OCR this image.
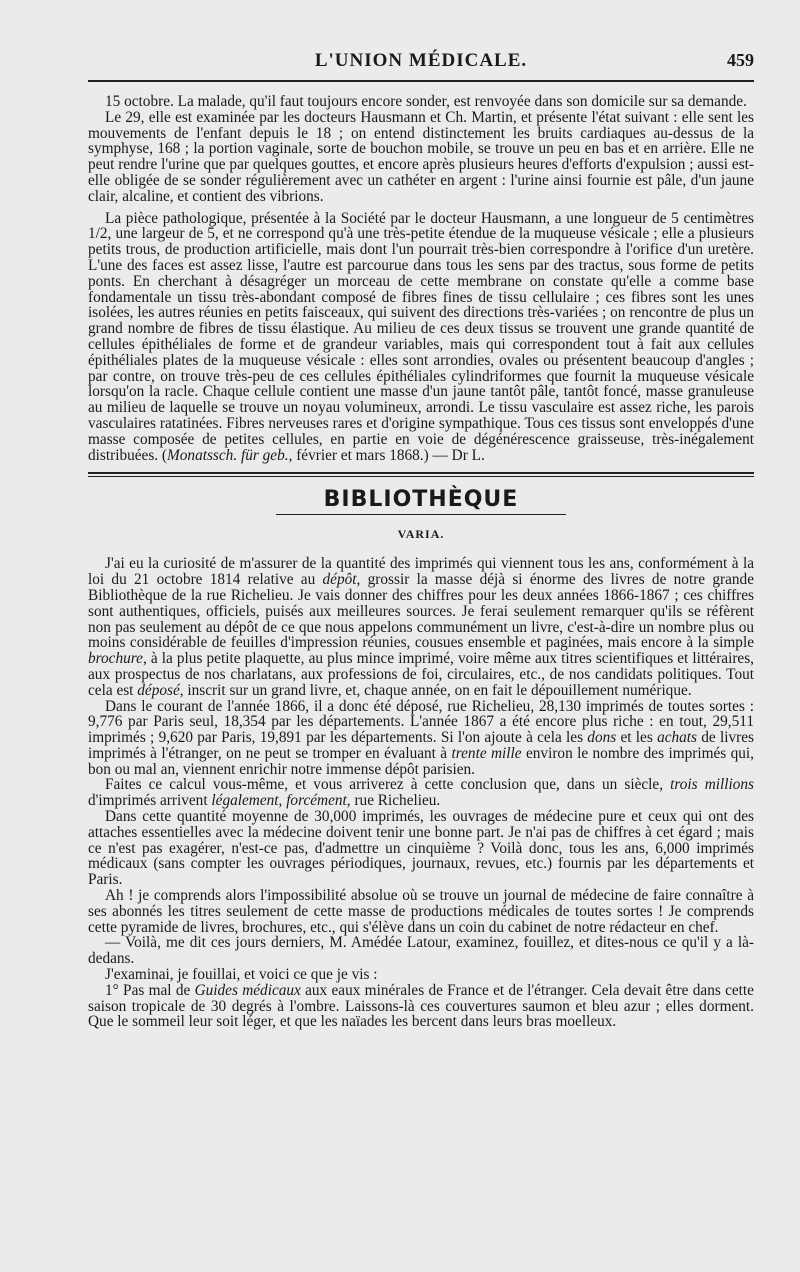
L'UNION MÉDICALE.	459

15 octobre. La malade, qu'il faut toujours encore sonder, est renvoyée dans son domicile sur sa demande.

Le 29, elle est examinée par les docteurs Hausmann et Ch. Martin, et présente l'état suivant : elle sent les mouvements de l'enfant depuis le 18 ; on entend distinctement les bruits cardiaques au-dessus de la symphyse, 168 ; la portion vaginale, sorte de bouchon mobile, se trouve un peu en bas et en arrière. Elle ne peut rendre l'urine que par quelques gouttes, et encore après plusieurs heures d'efforts d'expulsion ; aussi est-elle obligée de se sonder régulièrement avec un cathéter en argent : l'urine ainsi fournie est pâle, d'un jaune clair, alcaline, et contient des vibrions.

La pièce pathologique, présentée à la Société par le docteur Hausmann, a une longueur de 5 centimètres 1/2, une largeur de 5, et ne correspond qu'à une très-petite étendue de la muqueuse vésicale ; elle a plusieurs petits trous, de production artificielle, mais dont l'un pourrait très-bien correspondre à l'orifice d'un uretère. L'une des faces est assez lisse, l'autre est parcourue dans tous les sens par des tractus, sous forme de petits ponts. En cherchant à désagréger un morceau de cette membrane on constate qu'elle a comme base fondamentale un tissu très-abondant composé de fibres fines de tissu cellulaire ; ces fibres sont les unes isolées, les autres réunies en petits faisceaux, qui suivent des directions très-variées ; on rencontre de plus un grand nombre de fibres de tissu élastique. Au milieu de ces deux tissus se trouvent une grande quantité de cellules épithéliales de forme et de grandeur variables, mais qui correspondent tout à fait aux cellules épithéliales plates de la muqueuse vésicale : elles sont arrondies, ovales ou présentent beaucoup d'angles ; par contre, on trouve très-peu de ces cellules épithéliales cylindriformes que fournit la muqueuse vésicale lorsqu'on la racle. Chaque cellule contient une masse d'un jaune tantôt pâle, tantôt foncé, masse granuleuse au milieu de laquelle se trouve un noyau volumineux, arrondi. Le tissu vasculaire est assez riche, les parois vasculaires ratatinées. Fibres nerveuses rares et d'origine sympathique. Tous ces tissus sont enveloppés d'une masse composée de petites cellules, en partie en voie de dégénérescence graisseuse, très-inégalement distribuées. (Monatssch. für geb., février et mars 1868.) — Dr L.

BIBLIOTHÈQUE
VARIA.

J'ai eu la curiosité de m'assurer de la quantité des imprimés qui viennent tous les ans, conformément à la loi du 21 octobre 1814 relative au dépôt, grossir la masse déjà si énorme des livres de notre grande Bibliothèque de la rue Richelieu. Je vais donner des chiffres pour les deux années 1866-1867 ; ces chiffres sont authentiques, officiels, puisés aux meilleures sources. Je ferai seulement remarquer qu'ils se réfèrent non pas seulement au dépôt de ce que nous appelons communément un livre, c'est-à-dire un nombre plus ou moins considérable de feuilles d'impression réunies, cousues ensemble et paginées, mais encore à la simple brochure, à la plus petite plaquette, au plus mince imprimé, voire même aux titres scientifiques et littéraires, aux prospectus de nos charlatans, aux professions de foi, circulaires, etc., de nos candidats politiques. Tout cela est déposé, inscrit sur un grand livre, et, chaque année, on en fait le dépouillement numérique.

Dans le courant de l'année 1866, il a donc été déposé, rue Richelieu, 28,130 imprimés de toutes sortes : 9,776 par Paris seul, 18,354 par les départements. L'année 1867 a été encore plus riche : en tout, 29,511 imprimés ; 9,620 par Paris, 19,891 par les départements. Si l'on ajoute à cela les dons et les achats de livres imprimés à l'étranger, on ne peut se tromper en évaluant à trente mille environ le nombre des imprimés qui, bon ou mal an, viennent enrichir notre immense dépôt parisien.

Faites ce calcul vous-même, et vous arriverez à cette conclusion que, dans un siècle, trois millions d'imprimés arrivent légalement, forcément, rue Richelieu.

Dans cette quantité moyenne de 30,000 imprimés, les ouvrages de médecine pure et ceux qui ont des attaches essentielles avec la médecine doivent tenir une bonne part. Je n'ai pas de chiffres à cet égard ; mais ce n'est pas exagérer, n'est-ce pas, d'admettre un cinquième ? Voilà donc, tous les ans, 6,000 imprimés médicaux (sans compter les ouvrages périodiques, journaux, revues, etc.) fournis par les départements et Paris.

Ah ! je comprends alors l'impossibilité absolue où se trouve un journal de médecine de faire connaître à ses abonnés les titres seulement de cette masse de productions médicales de toutes sortes ! Je comprends cette pyramide de livres, brochures, etc., qui s'élève dans un coin du cabinet de notre rédacteur en chef.

— Voilà, me dit ces jours derniers, M. Amédée Latour, examinez, fouillez, et dites-nous ce qu'il y a là-dedans.

J'examinai, je fouillai, et voici ce que je vis :

1° Pas mal de Guides médicaux aux eaux minérales de France et de l'étranger. Cela devait être dans cette saison tropicale de 30 degrés à l'ombre. Laissons-là ces couvertures saumon et bleu azur ; elles dorment. Que le sommeil leur soit léger, et que les naïades les bercent dans leurs bras moelleux.
